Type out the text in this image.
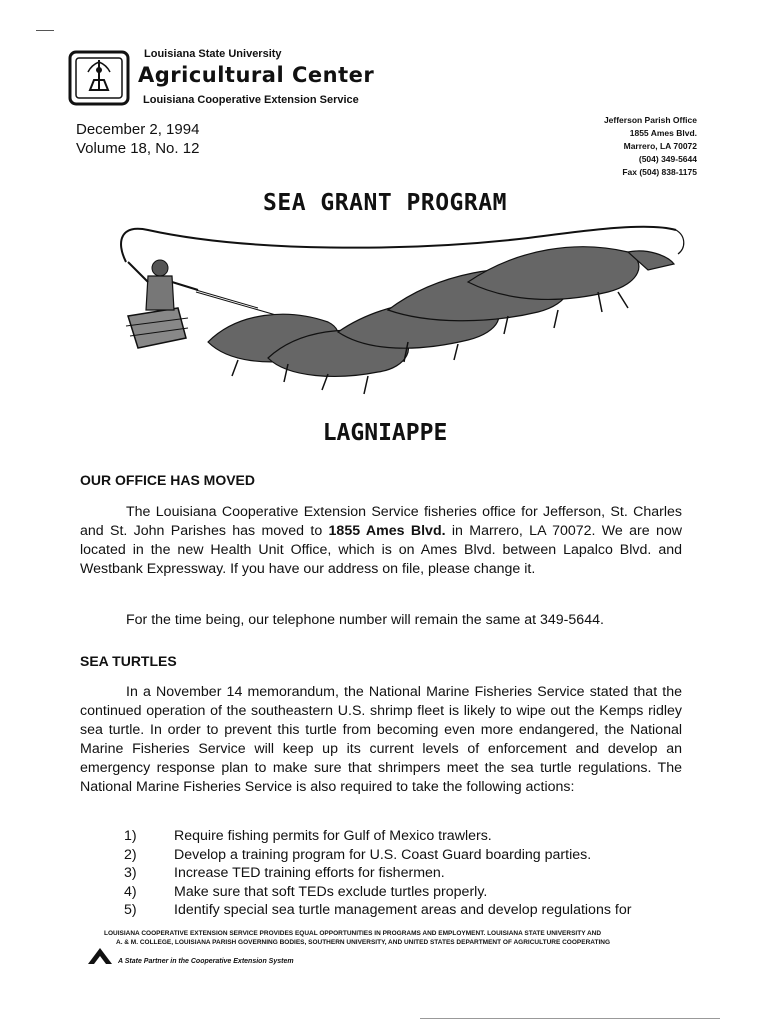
Louisiana State University
Agricultural Center
Louisiana Cooperative Extension Service
December 2, 1994
Volume 18, No. 12
Jefferson Parish Office
1855 Ames Blvd.
Marrero, LA 70072
(504) 349-5644
Fax (504) 838-1175
SEA GRANT PROGRAM
LAGNIAPPE
OUR OFFICE HAS MOVED
The Louisiana Cooperative Extension Service fisheries office for Jefferson, St. Charles and St. John Parishes has moved to 1855 Ames Blvd. in Marrero, LA 70072. We are now located in the new Health Unit Office, which is on Ames Blvd. between Lapalco Blvd. and Westbank Expressway. If you have our address on file, please change it.
For the time being, our telephone number will remain the same at 349-5644.
SEA TURTLES
In a November 14 memorandum, the National Marine Fisheries Service stated that the continued operation of the southeastern U.S. shrimp fleet is likely to wipe out the Kemps ridley sea turtle. In order to prevent this turtle from becoming even more endangered, the National Marine Fisheries Service will keep up its current levels of enforcement and develop an emergency response plan to make sure that shrimpers meet the sea turtle regulations. The National Marine Fisheries Service is also required to take the following actions:
1)	Require fishing permits for Gulf of Mexico trawlers.
2)	Develop a training program for U.S. Coast Guard boarding parties.
3)	Increase TED training efforts for fishermen.
4)	Make sure that soft TEDs exclude turtles properly.
5)	Identify special sea turtle management areas and develop regulations for
LOUISIANA COOPERATIVE EXTENSION SERVICE PROVIDES EQUAL OPPORTUNITIES IN PROGRAMS AND EMPLOYMENT. LOUISIANA STATE UNIVERSITY AND
A. & M. COLLEGE, LOUISIANA PARISH GOVERNING BODIES, SOUTHERN UNIVERSITY, AND UNITED STATES DEPARTMENT OF AGRICULTURE COOPERATING
A State Partner in the Cooperative Extension System
